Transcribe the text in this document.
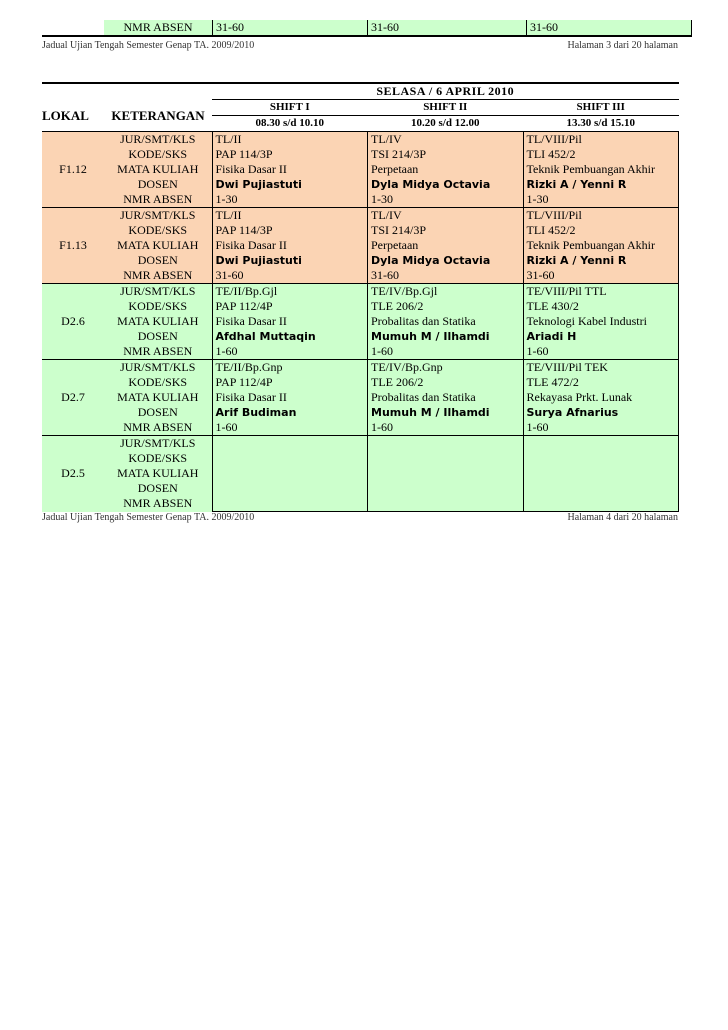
	NMR ABSEN	31-60	31-60	31-60
Jadual Ujian Tengah Semester Genap TA. 2009/2010	Halaman 3 dari 20 halaman
		SELASA / 6 APRIL 2010		
LOKAL	KETERANGAN	SHIFT I	SHIFT II	SHIFT III
		08.30 s/d 10.10	10.20 s/d 12.00	13.30 s/d 15.10
F1.12	JUR/SMT/KLS	TL/II	TL/IV	TL/VIII/Pil
	KODE/SKS	PAP 114/3P	TSI 214/3P	TLI 452/2
	MATA KULIAH	Fisika Dasar II	Perpetaan	Teknik Pembuangan Akhir
	DOSEN	Dwi Pujiastuti	Dyla Midya Octavia	Rizki A / Yenni R
	NMR ABSEN	1-30	1-30	1-30
F1.13	JUR/SMT/KLS	TL/II	TL/IV	TL/VIII/Pil
	KODE/SKS	PAP 114/3P	TSI 214/3P	TLI 452/2
	MATA KULIAH	Fisika Dasar II	Perpetaan	Teknik Pembuangan Akhir
	DOSEN	Dwi Pujiastuti	Dyla Midya Octavia	Rizki A / Yenni R
	NMR ABSEN	31-60	31-60	31-60
D2.6	JUR/SMT/KLS	TE/II/Bp.Gjl	TE/IV/Bp.Gjl	TE/VIII/Pil TTL
	KODE/SKS	PAP 112/4P	TLE 206/2	TLE 430/2
	MATA KULIAH	Fisika Dasar II	Probalitas dan Statika	Teknologi Kabel Industri
	DOSEN	Afdhal Muttaqin	Mumuh M / Ilhamdi	Ariadi H
	NMR ABSEN	1-60	1-60	1-60
D2.7	JUR/SMT/KLS	TE/II/Bp.Gnp	TE/IV/Bp.Gnp	TE/VIII/Pil TEK
	KODE/SKS	PAP 112/4P	TLE 206/2	TLE 472/2
	MATA KULIAH	Fisika Dasar II	Probalitas dan Statika	Rekayasa Prkt. Lunak
	DOSEN	Arif Budiman	Mumuh M / Ilhamdi	Surya Afnarius
	NMR ABSEN	1-60	1-60	1-60
D2.5	JUR/SMT/KLS			
	KODE/SKS			
	MATA KULIAH			
	DOSEN			
	NMR ABSEN			
Jadual Ujian Tengah Semester Genap TA. 2009/2010	Halaman 4 dari 20 halaman
